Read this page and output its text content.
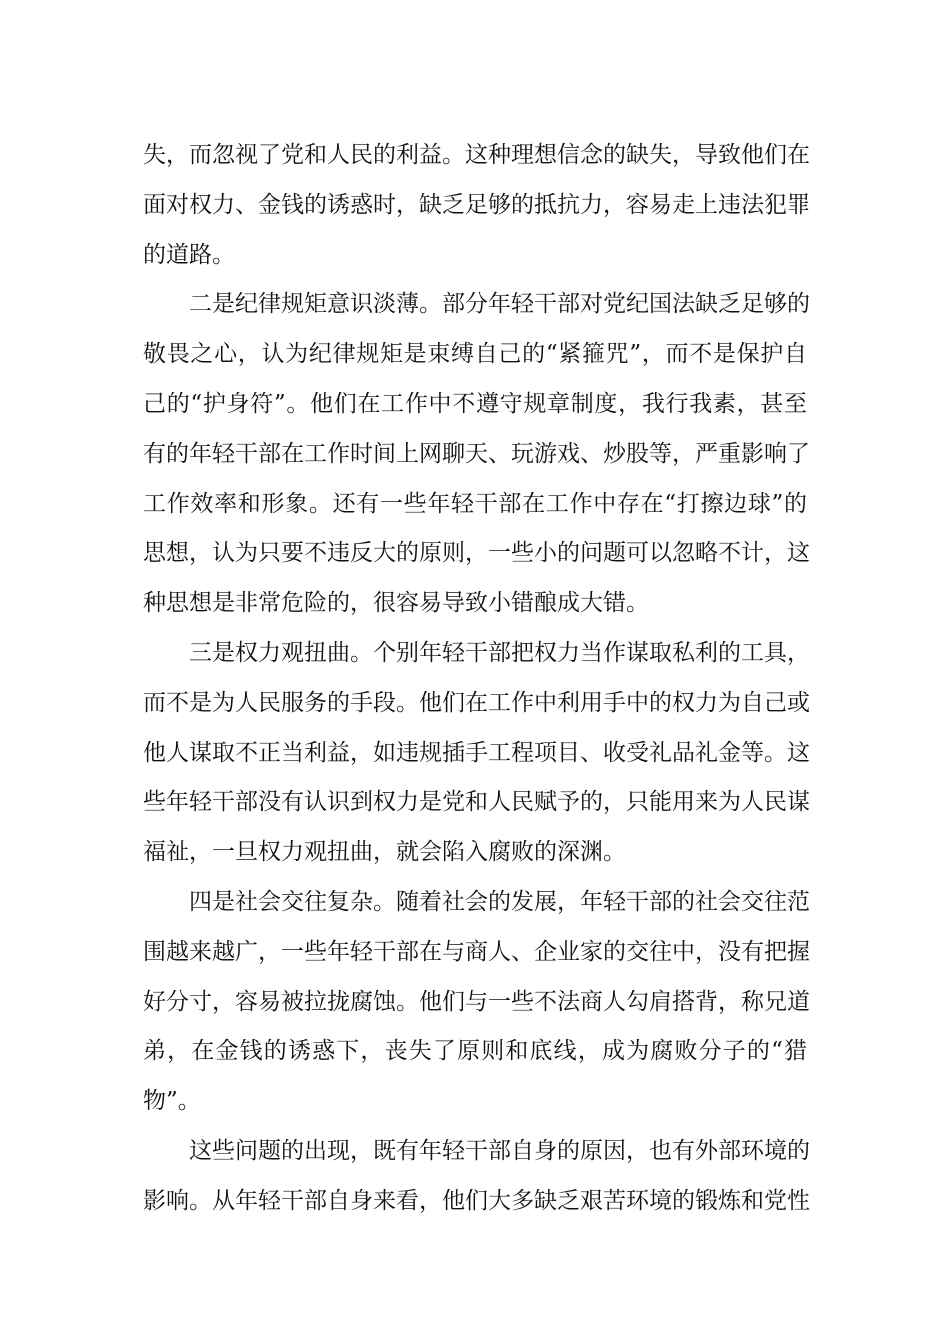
失，而忽视了党和人民的利益。这种理想信念的缺失，导致他们在
面对权力、金钱的诱惑时，缺乏足够的抵抗力，容易走上违法犯罪
的道路。

二是纪律规矩意识淡薄。部分年轻干部对党纪国法缺乏足够的
敬畏之心，认为纪律规矩是束缚自己的“紧箍咒”，而不是保护自
己的“护身符”。他们在工作中不遵守规章制度，我行我素，甚至
有的年轻干部在工作时间上网聊天、玩游戏、炒股等，严重影响了
工作效率和形象。还有一些年轻干部在工作中存在“打擦边球”的
思想，认为只要不违反大的原则，一些小的问题可以忽略不计，这
种思想是非常危险的，很容易导致小错酿成大错。

三是权力观扭曲。个别年轻干部把权力当作谋取私利的工具，
而不是为人民服务的手段。他们在工作中利用手中的权力为自己或
他人谋取不正当利益，如违规插手工程项目、收受礼品礼金等。这
些年轻干部没有认识到权力是党和人民赋予的，只能用来为人民谋
福祉，一旦权力观扭曲，就会陷入腐败的深渊。

四是社会交往复杂。随着社会的发展，年轻干部的社会交往范
围越来越广，一些年轻干部在与商人、企业家的交往中，没有把握
好分寸，容易被拉拢腐蚀。他们与一些不法商人勾肩搭背，称兄道
弟，在金钱的诱惑下，丧失了原则和底线，成为腐败分子的“猎
物”。

这些问题的出现，既有年轻干部自身的原因，也有外部环境的
影响。从年轻干部自身来看，他们大多缺乏艰苦环境的锻炼和党性
